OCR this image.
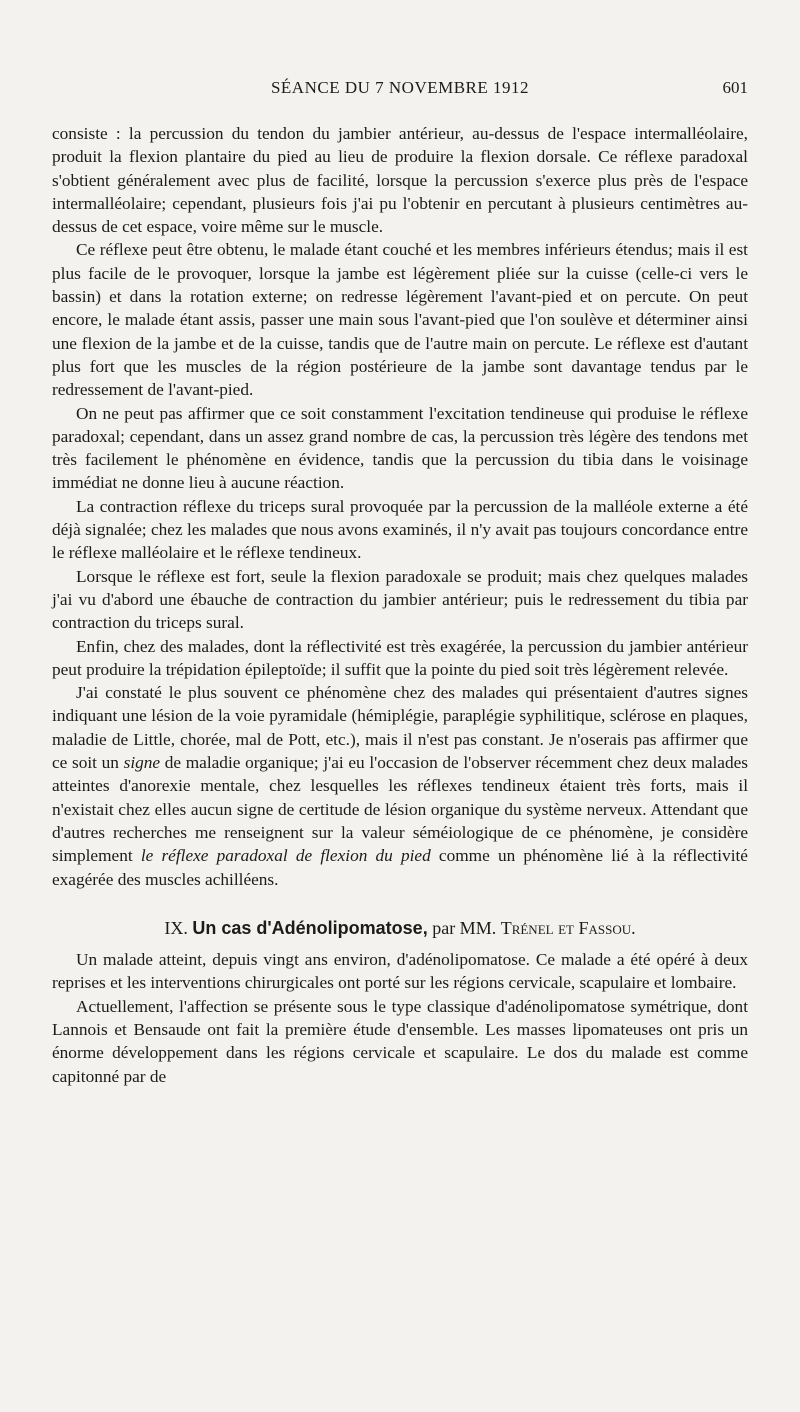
SÉANCE DU 7 NOVEMBRE 1912	601

consiste : la percussion du tendon du jambier antérieur, au-dessus de l'espace intermalléolaire, produit la flexion plantaire du pied au lieu de produire la flexion dorsale. Ce réflexe paradoxal s'obtient généralement avec plus de facilité, lorsque la percussion s'exerce plus près de l'espace intermalléolaire; cependant, plusieurs fois j'ai pu l'obtenir en percutant à plusieurs centimètres au-dessus de cet espace, voire même sur le muscle.

Ce réflexe peut être obtenu, le malade étant couché et les membres inférieurs étendus; mais il est plus facile de le provoquer, lorsque la jambe est légèrement pliée sur la cuisse (celle-ci vers le bassin) et dans la rotation externe; on redresse légèrement l'avant-pied et on percute. On peut encore, le malade étant assis, passer une main sous l'avant-pied que l'on soulève et déterminer ainsi une flexion de la jambe et de la cuisse, tandis que de l'autre main on percute. Le réflexe est d'autant plus fort que les muscles de la région postérieure de la jambe sont davantage tendus par le redressement de l'avant-pied.

On ne peut pas affirmer que ce soit constamment l'excitation tendineuse qui produise le réflexe paradoxal; cependant, dans un assez grand nombre de cas, la percussion très légère des tendons met très facilement le phénomène en évidence, tandis que la percussion du tibia dans le voisinage immédiat ne donne lieu à aucune réaction.

La contraction réflexe du triceps sural provoquée par la percussion de la malléole externe a été déjà signalée; chez les malades que nous avons examinés, il n'y avait pas toujours concordance entre le réflexe malléolaire et le réflexe tendineux.

Lorsque le réflexe est fort, seule la flexion paradoxale se produit; mais chez quelques malades j'ai vu d'abord une ébauche de contraction du jambier antérieur; puis le redressement du tibia par contraction du triceps sural.

Enfin, chez des malades, dont la réflectivité est très exagérée, la percussion du jambier antérieur peut produire la trépidation épileptoïde; il suffit que la pointe du pied soit très légèrement relevée.

J'ai constaté le plus souvent ce phénomène chez des malades qui présentaient d'autres signes indiquant une lésion de la voie pyramidale (hémiplégie, paraplégie syphilitique, sclérose en plaques, maladie de Little, chorée, mal de Pott, etc.), mais il n'est pas constant. Je n'oserais pas affirmer que ce soit un signe de maladie organique; j'ai eu l'occasion de l'observer récemment chez deux malades atteintes d'anorexie mentale, chez lesquelles les réflexes tendineux étaient très forts, mais il n'existait chez elles aucun signe de certitude de lésion organique du système nerveux. Attendant que d'autres recherches me renseignent sur la valeur séméiologique de ce phénomène, je considère simplement le réflexe paradoxal de flexion du pied comme un phénomène lié à la réflectivité exagérée des muscles achilléens.

IX. Un cas d'Adénolipomatose, par MM. Trénel et Fassou.

Un malade atteint, depuis vingt ans environ, d'adénolipomatose. Ce malade a été opéré à deux reprises et les interventions chirurgicales ont porté sur les régions cervicale, scapulaire et lombaire.

Actuellement, l'affection se présente sous le type classique d'adénolipomatose symétrique, dont Lannois et Bensaude ont fait la première étude d'ensemble. Les masses lipomateuses ont pris un énorme développement dans les régions cervicale et scapulaire. Le dos du malade est comme capitonné par de
